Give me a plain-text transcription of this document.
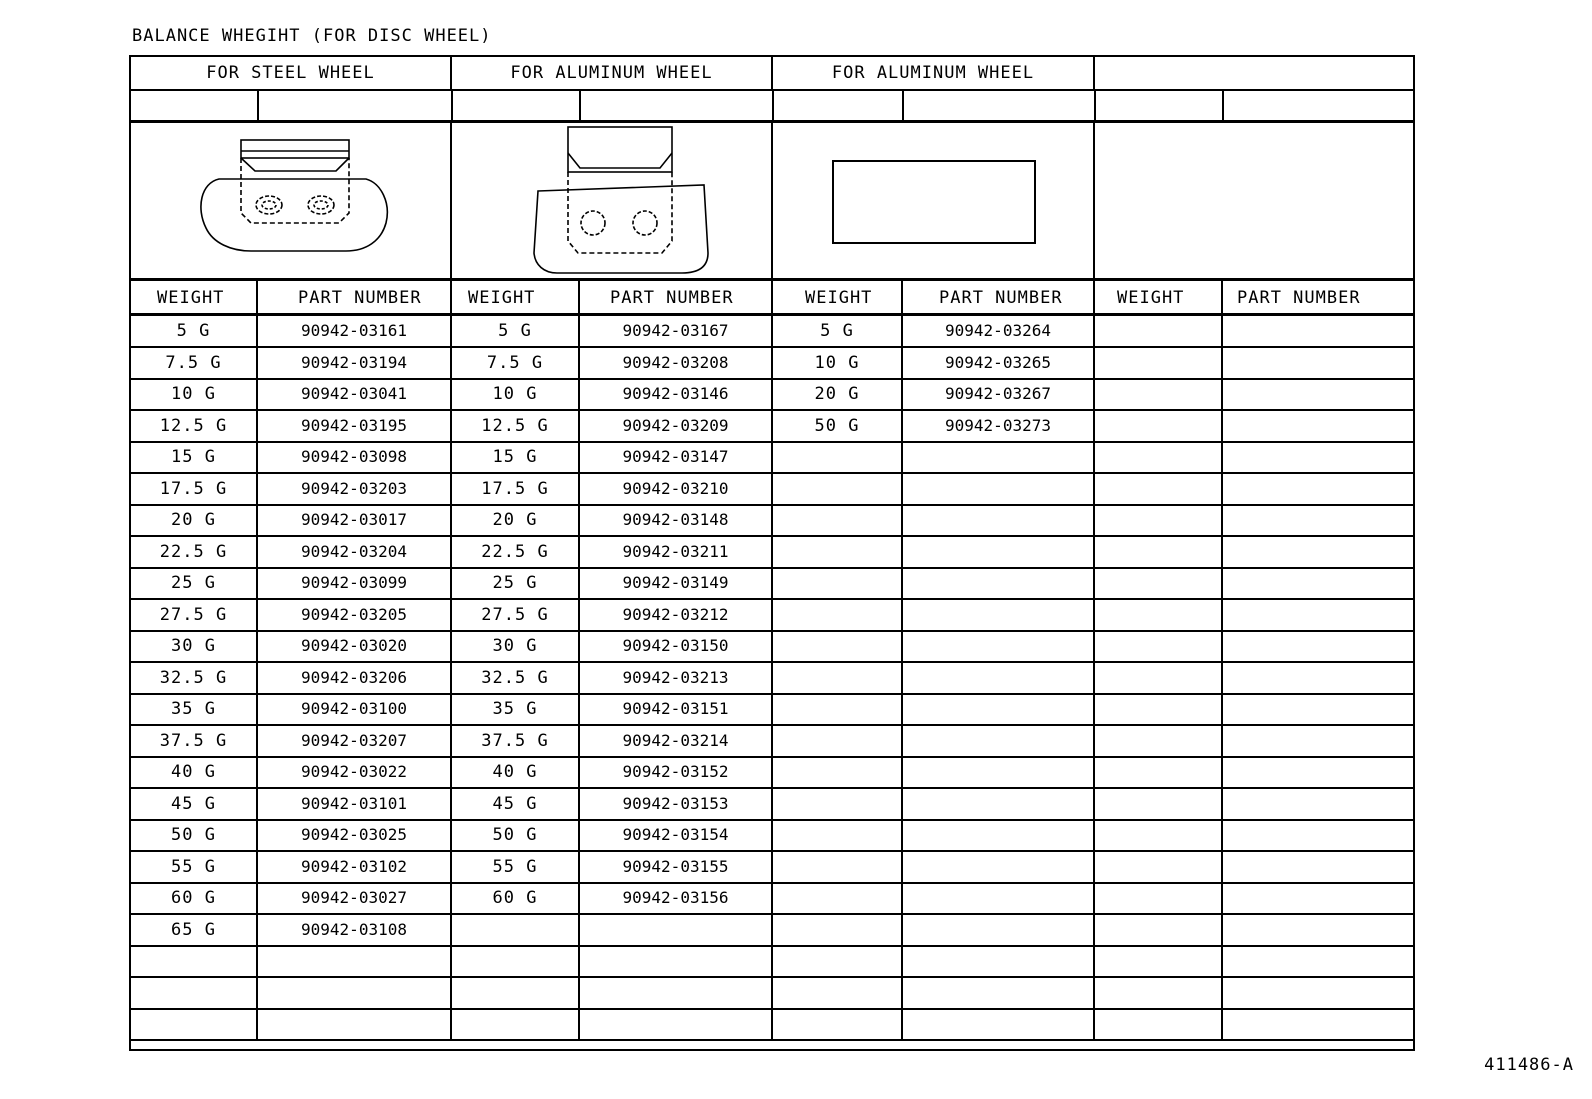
BALANCE WHEGIHT (FOR DISC WHEEL)
FOR STEEL WHEEL	FOR ALUMINUM WHEEL	FOR ALUMINUM WHEEL
WEIGHT	PART NUMBER	WEIGHT	PART NUMBER	WEIGHT	PART NUMBER	WEIGHT	PART NUMBER
5 G	90942-03161	5 G	90942-03167	5 G	90942-03264
7.5 G	90942-03194	7.5 G	90942-03208	10 G	90942-03265
10 G	90942-03041	10 G	90942-03146	20 G	90942-03267
12.5 G	90942-03195	12.5 G	90942-03209	50 G	90942-03273
15 G	90942-03098	15 G	90942-03147
17.5 G	90942-03203	17.5 G	90942-03210
20 G	90942-03017	20 G	90942-03148
22.5 G	90942-03204	22.5 G	90942-03211
25 G	90942-03099	25 G	90942-03149
27.5 G	90942-03205	27.5 G	90942-03212
30 G	90942-03020	30 G	90942-03150
32.5 G	90942-03206	32.5 G	90942-03213
35 G	90942-03100	35 G	90942-03151
37.5 G	90942-03207	37.5 G	90942-03214
40 G	90942-03022	40 G	90942-03152
45 G	90942-03101	45 G	90942-03153
50 G	90942-03025	50 G	90942-03154
55 G	90942-03102	55 G	90942-03155
60 G	90942-03027	60 G	90942-03156
65 G	90942-03108
411486-A
